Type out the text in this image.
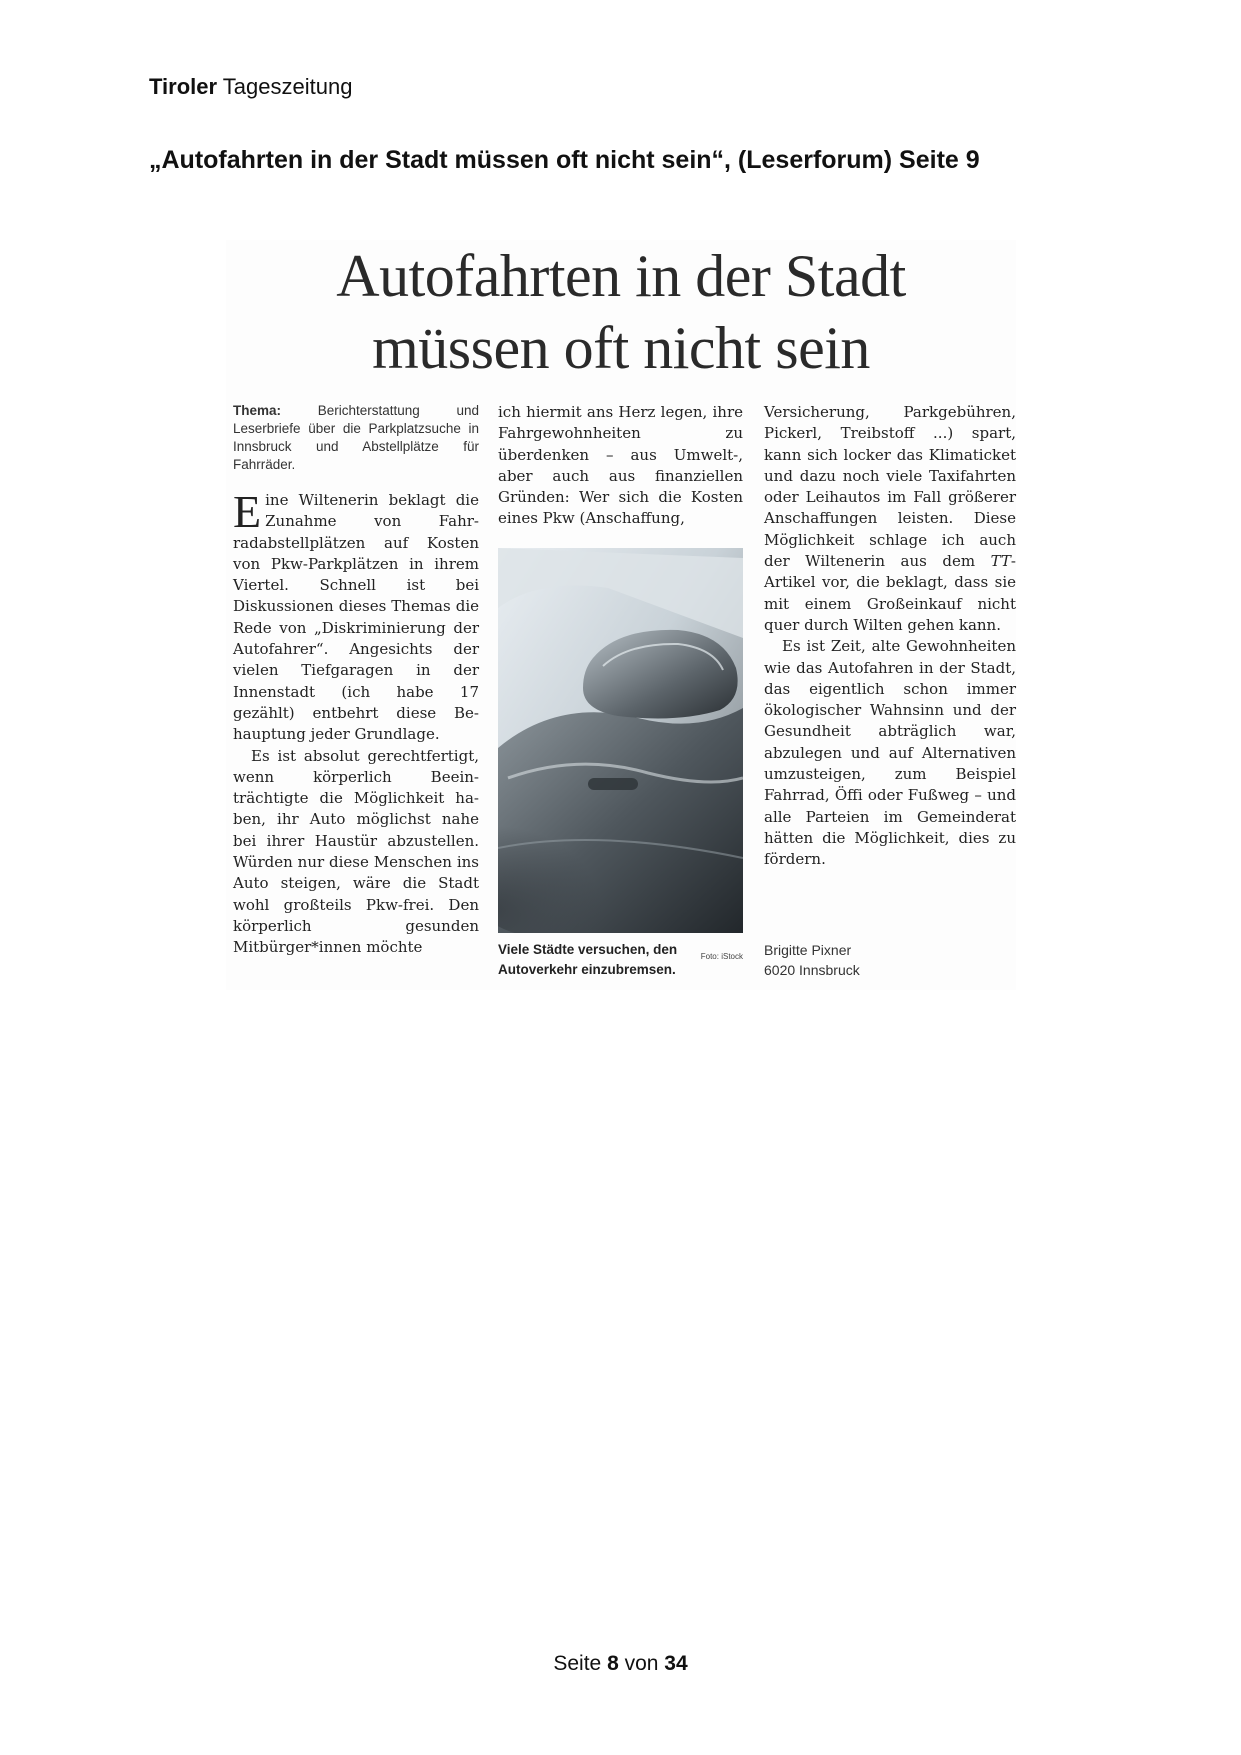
Tiroler Tageszeitung
„Autofahrten in der Stadt müssen oft nicht sein“, (Leserforum) Seite 9
Autofahrten in der Stadt
müssen oft nicht sein
Thema:	Berichterstattung und Leserbriefe über die Parkplatzsuche in Innsbruck und Abstellplätze für Fahrräder.

Eine Wiltenerin beklagt die Zunahme von Fahrradabstellplätzen auf Kosten von Pkw-Parkplätzen in ihrem Viertel. Schnell ist bei Diskussionen dieses Themas die Rede von „Diskriminierung der Autofahrer“. Angesichts der vielen Tiefgaragen in der Innenstadt (ich habe 17 gezählt) entbehrt diese Behauptung jeder Grundlage.

Es ist absolut gerechtfertigt, wenn körperlich Beeinträchtigte die Möglichkeit haben, ihr Auto möglichst nahe bei ihrer Haustür abzustellen. Würden nur diese Menschen ins Auto steigen, wäre die Stadt wohl großteils Pkw-frei. Den körperlich gesunden Mitbürger*innen möchte

ich hiermit ans Herz legen, ihre Fahrgewohnheiten zu überdenken – aus Umwelt-, aber auch aus finanziellen Gründen: Wer sich die Kosten eines Pkw (Anschaffung,

Foto: iStock
Viele Städte versuchen, den Autoverkehr einzubremsen.

Versicherung, Parkgebühren, Pickerl, Treibstoff ...) spart, kann sich locker das Klimaticket und dazu noch viele Taxifahrten oder Leihautos im Fall größerer Anschaffungen leisten. Diese Möglichkeit schlage ich auch der Wiltenerin aus dem TT-Artikel vor, die beklagt, dass sie mit einem Großeinkauf nicht quer durch Wilten gehen kann.

Es ist Zeit, alte Gewohnheiten wie das Autofahren in der Stadt, das eigentlich schon immer ökologischer Wahnsinn und der Gesundheit abträglich war, abzulegen und auf Alternativen umzusteigen, zum Beispiel Fahrrad, Öffi oder Fußweg – und alle Parteien im Gemeinderat hätten die Möglichkeit, dies zu fördern.

Brigitte Pixner
6020 Innsbruck
Seite 8 von 34
